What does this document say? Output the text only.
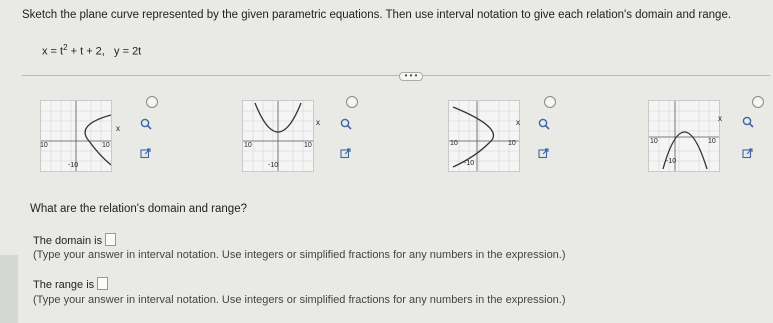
Sketch the plane curve represented by the given parametric equations. Then use interval notation to give each relation's domain and range.
$x = t^2 + t + 2$, y = 2t
• • •
x
10	10
-10
x
10	10
-10
x
10	10
-10
x
10	10
-10
What are the relation's domain and range?
The domain is
(Type your answer in interval notation. Use integers or simplified fractions for any numbers in the expression.)
The range is
(Type your answer in interval notation. Use integers or simplified fractions for any numbers in the expression.)
